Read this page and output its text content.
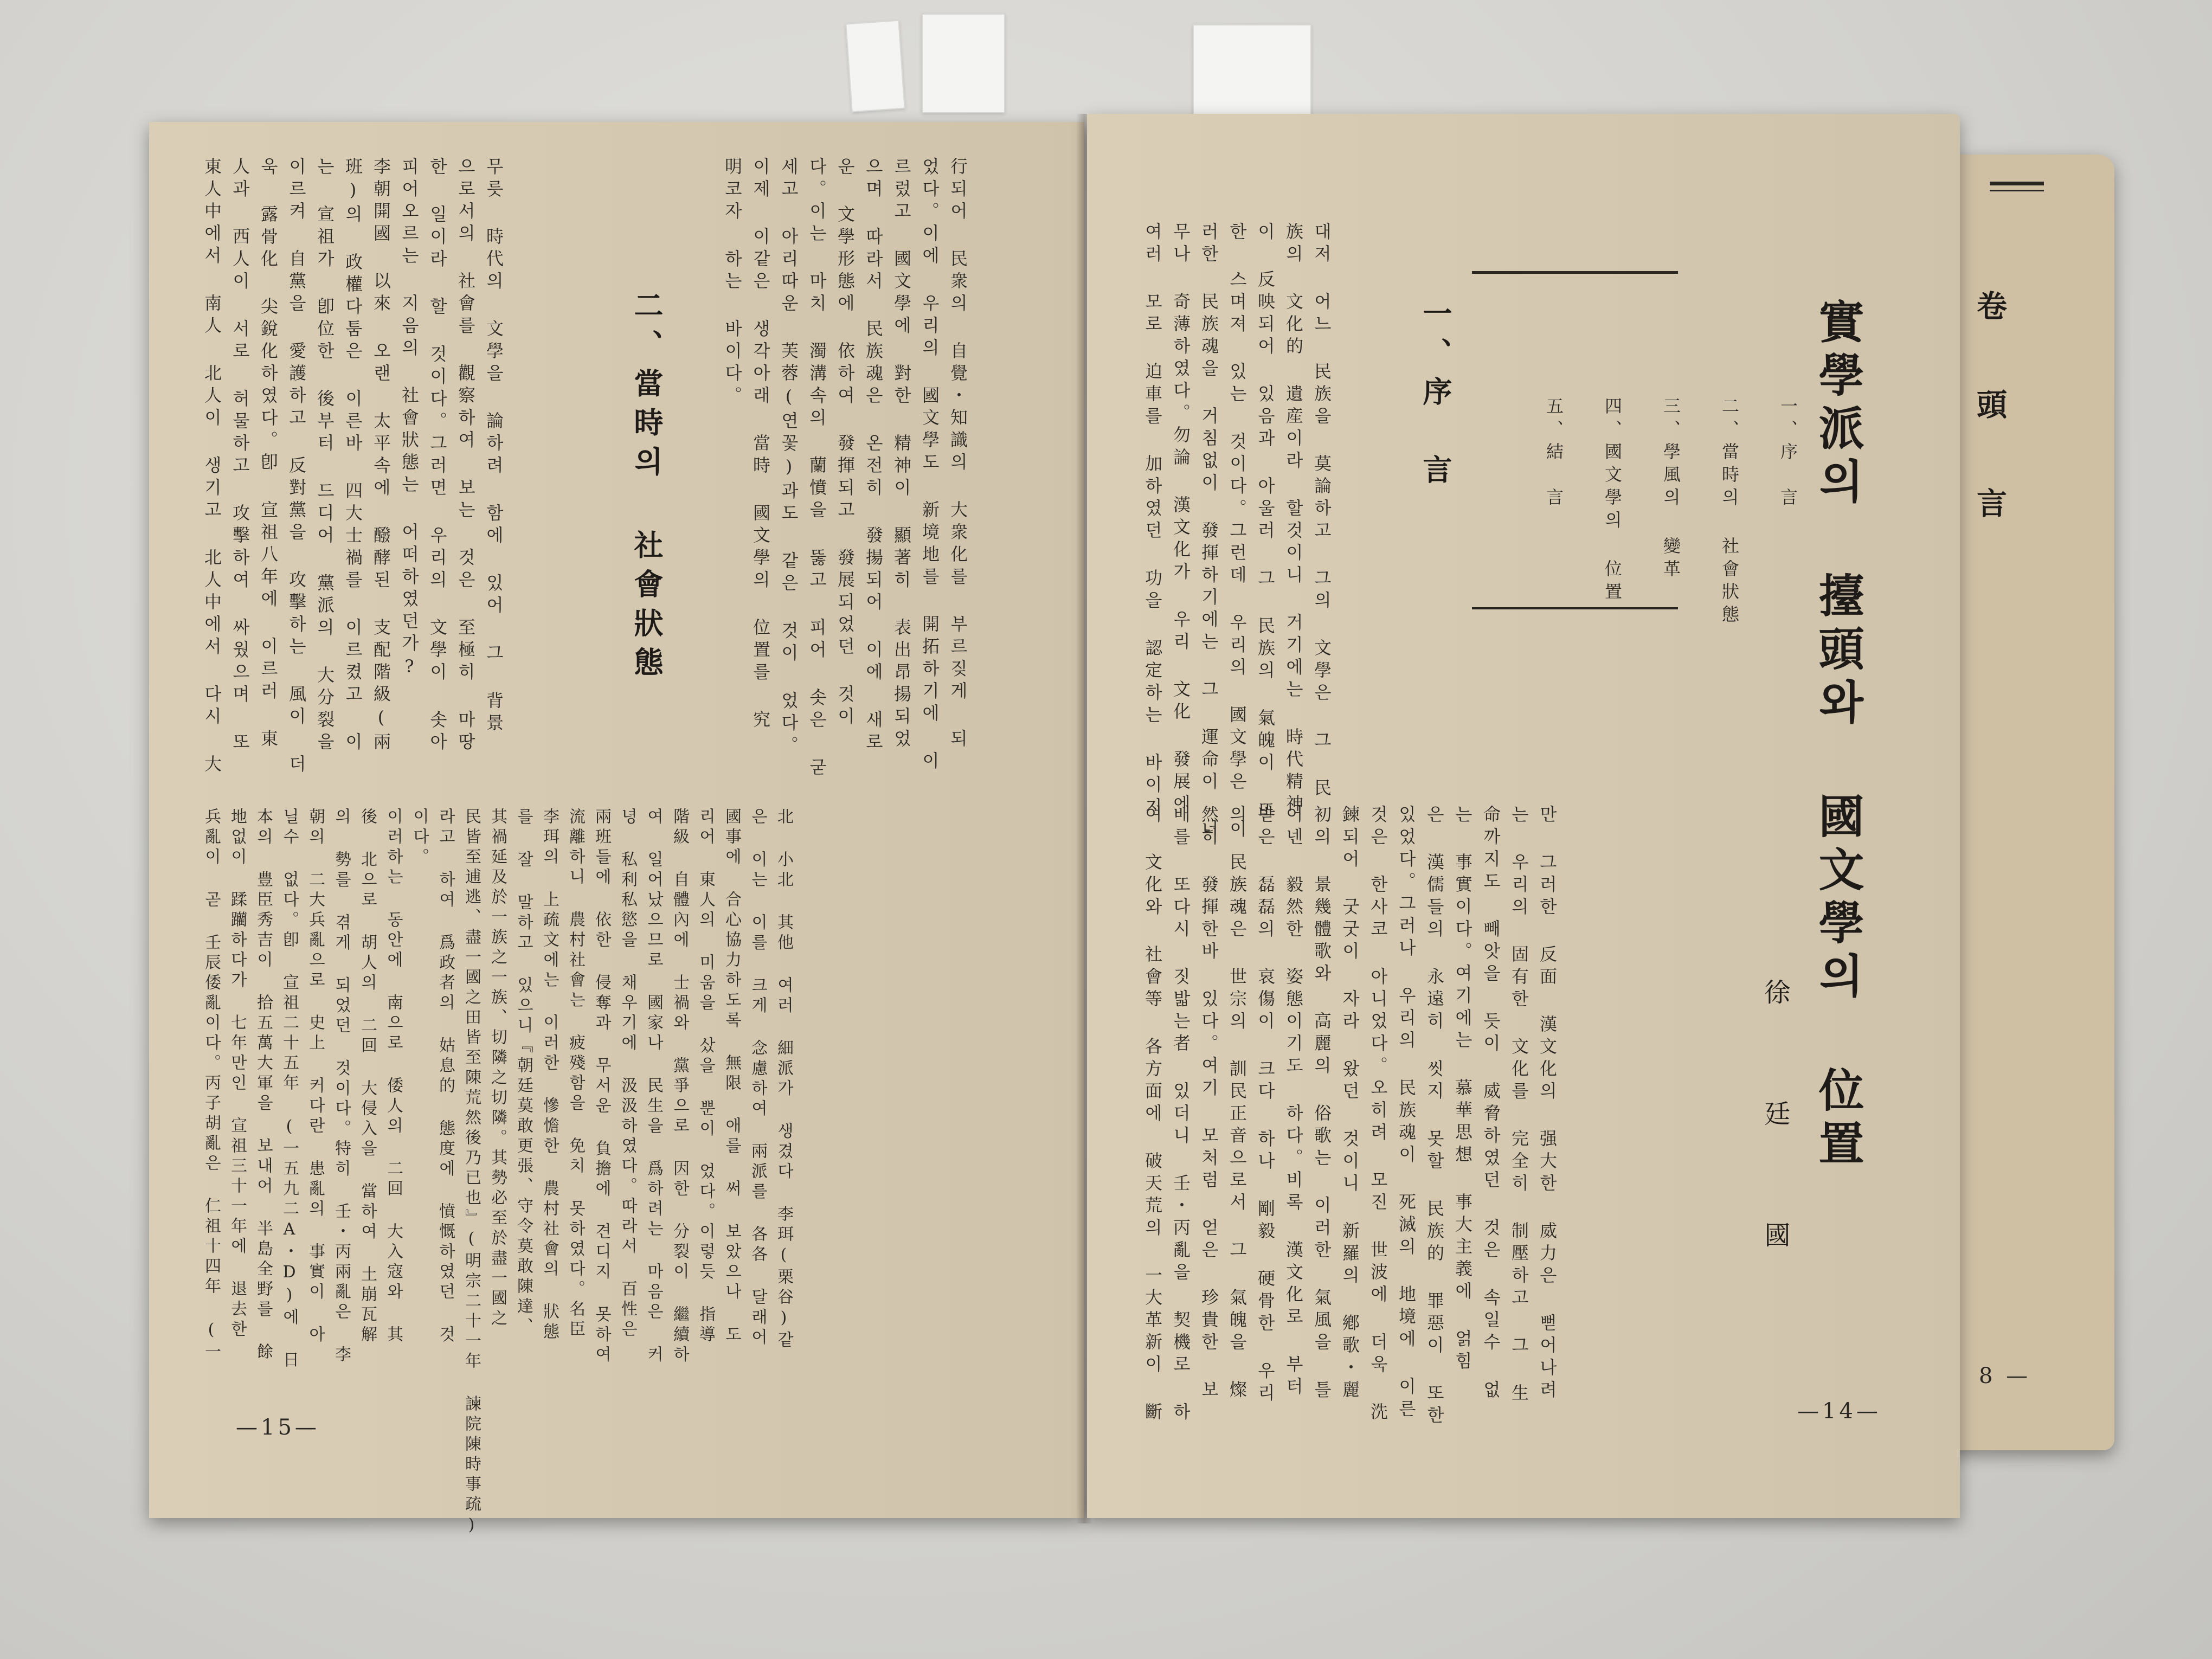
卷 頭 言
8 —
行되어 民衆의 自覺・知識의 大衆化를 부르짖게 되
었다。이에 우리의 國文學도 新境地를 開拓하기에 이
르렀고 國文學에 對한 精神이 顯著히 表出昂揚되었
으며 따라서 民族魂은 온전히 發揚되어 이에 새로
운 文學形態에 依하여 發揮되고 發展되었던 것이
다。이는 마치 濁溝속의 蘭憤을 뚫고 피어 솟은 굳
세고 아리따운 芙蓉(연꽃)과도 같은 것이 었다。
이제 이같은 생각아래 當時 國文學의 位置를 究
明코자 하는 바이다。
二、當時의 社會狀態
무릇 時代의 文學을 論하려 함에 있어 그 背景
으로서의 社會를 觀察하여 보는 것은 至極히 마땅
한 일이라 할 것이다。그러면 우리의 文學이 솟아
피어오르는 지음의 社會狀態는 어떠하였던가?
李朝開國 以來 오랜 太平속에 醱酵된 支配階級(兩
班)의 政權다툼은 이른바 四大士禍를 이르켰고 이
는 宣祖가 卽位한 後부터 드디어 黨派의 大分裂을
이르켜 自黨을 愛護하고 反對黨을 攻擊하는 風이 더
욱 露骨化 尖銳化하였다。卽 宣祖八年에 이르러 東
人과 西人이 서로 허물하고 攻擊하여 싸웠으며 또
東人中에서 南人 北人이 생기고 北人中에서 다시 大
北 小北 其他 여러 細派가 생겼다 李珥(栗谷)같
은 이는 이를 크게 念慮하여 兩派를 各各 달래어
國事에 合心協力하도록 無限 애를 써 보았으나 도
리어 東人의 미움을 샀을 뿐이 었다。이렇듯 指導
階級 自體內에 士禍와 黨爭으로 因한 分裂이 繼續하
여 일어났으므로 國家나 民生을 爲하려는 마음은 커
녕 私利私慾을 채우기에 汲汲하였다。따라서 百性은
兩班들에 依한 侵奪과 무서운 負擔에 견디지 못하여
流離하니 農村社會는 疲殘함을 免치 못하였다。名臣
李珥의 上疏文에는 이러한 慘憺한 農村社會의 狀態
를 잘 말하고 있으니『朝廷莫敢更張、守令莫敢陳達、
其禍延及於一族之一族、切隣之切隣。其勢必至於盡一國之
民皆至逋逃、盡一國之田皆至陳荒然後乃已也』(明宗二十一年 諫院陳時事疏)
라고 하여 爲政者의 姑息的 態度에 憤慨하였던 것
이다。
이러하는 동안에 南으로 倭人의 二回 大入寇와 其
後 北으로 胡人의 二回 大侵入을 當하여 土崩瓦解
의 勢를 겪게 되었던 것이다。特히 壬・丙兩亂은 李
朝의 二大兵亂으로 史上 커다란 患亂의 事實이 아
닐수 없다。卽 宣祖二十五年 (一五九二A・D)에 日
本의 豊臣秀吉이 拾五萬大軍을 보내어 半島全野를 餘
地없이 蹂躪하다가 七年만인 宣祖三十一年에 退去한
兵亂이 곧 壬辰倭亂이다。丙子胡亂은 仁祖十四年 (一
—15—
實學派의 擡頭와 國文學의 位置
徐 廷 國

一、序　言

二、當時의 社會狀態

三、學風의 變革

四、國文學의 位置

五、結　言

一、序　言
대저 어느 民族을 莫論하고 그의 文學은 그 民
族의 文化的 遺産이라 할것이니 거기에는 時代精神
이 反映되어 있음과 아울러 그 民族의 氣魄이 또
한 스며져 있는 것이다。그런데 우리의 國文學은 이
러한 民族魂을 거침없이 發揮하기에는 그 運命이 너
무나 奇薄하였다。勿論 漢文化가 우리 文化 發展에
여러 모로 迫車를 加하였던 功을 認定하는 바이지	만 그러한 反面 漢文化의 强大한 威力은 뻗어나려
는 우리의 固有한 文化를 完全히 制壓하고 그 生
命까지도 빼앗을 듯이 威脅하였던 것은 속일수 없
는 事實이다。여기에는 慕華思想 事大主義에 얽힘
은 漢儒들의 永遠히 씻지 못할 民族的 罪惡이 또한
있었다。그러나 우리의 民族魂이 死滅의 地境에 이른
것은 한사코 아니었다。오히려 모진 世波에 더욱 洗
鍊되어 굿굿이 자라 왔던 것이니 新羅의 鄕歌・麗
初의 景幾體歌와 高麗의 俗歌는 이러한 氣風을 틀
어넨 毅然한 姿態이기도 하다。비록 漢文化로 부터
받은 磊磊의 哀傷이 크다 하나 剛毅 硬骨한 우리
의 民族魂은 世宗의 訓民正音으로서 그 氣魄을 燦
然히 發揮한바 있다。여기 모처럼 얻은 珍貴한 보
배를 또다시 짓밟는者 있더니 壬・丙亂을 契機로 하
여 文化와 社會等 各方面에 破天荒의 一大革新이 斷	—14—
